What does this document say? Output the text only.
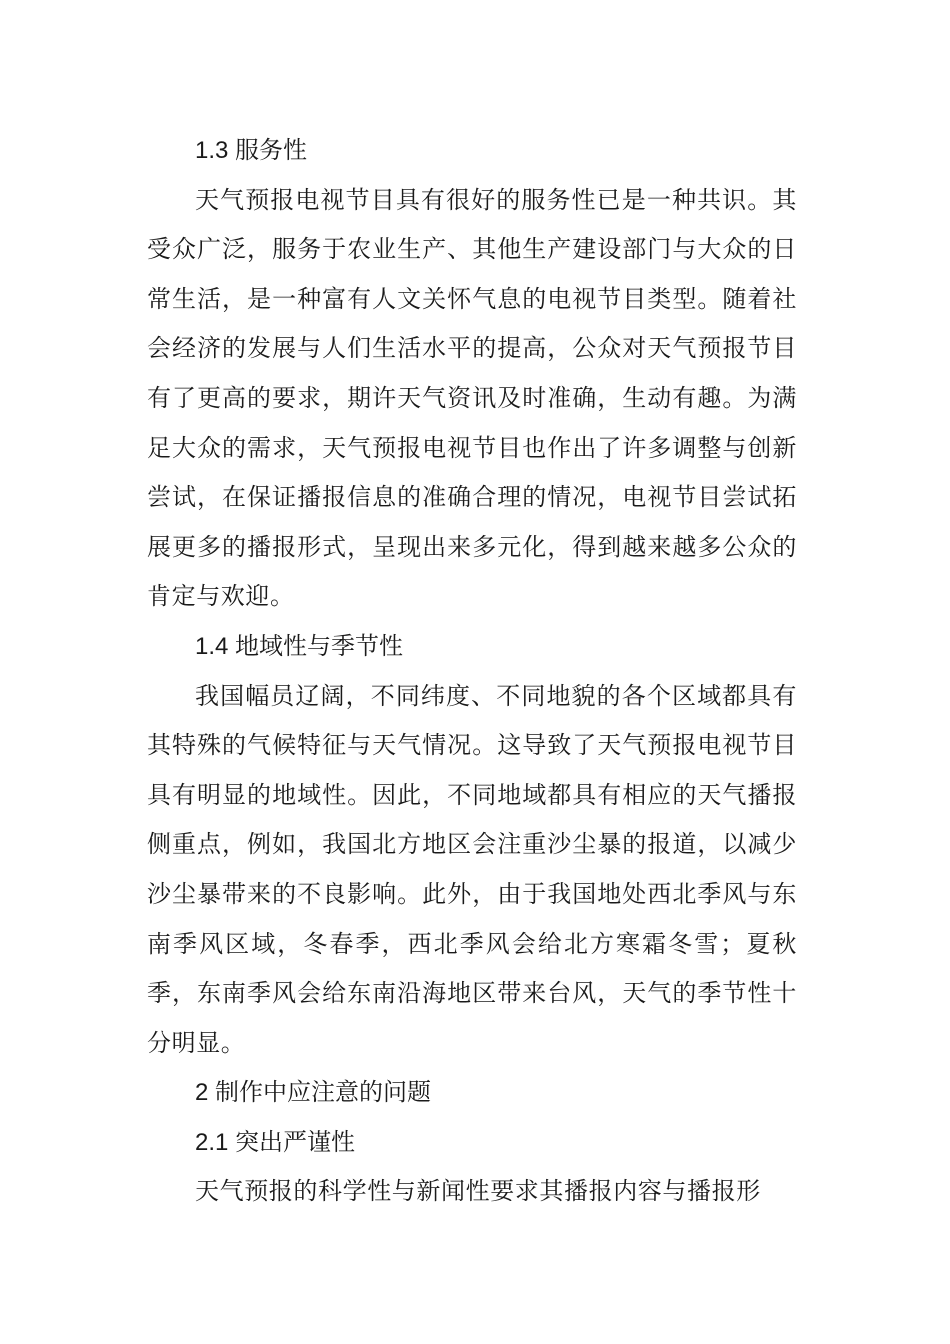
1.3 服务性

天气预报电视节目具有很好的服务性已是一种共识。其受众广泛，服务于农业生产、其他生产建设部门与大众的日常生活，是一种富有人文关怀气息的电视节目类型。随着社会经济的发展与人们生活水平的提高，公众对天气预报节目有了更高的要求，期许天气资讯及时准确，生动有趣。为满足大众的需求，天气预报电视节目也作出了许多调整与创新尝试，在保证播报信息的准确合理的情况，电视节目尝试拓展更多的播报形式，呈现出来多元化，得到越来越多公众的肯定与欢迎。

1.4 地域性与季节性

我国幅员辽阔，不同纬度、不同地貌的各个区域都具有其特殊的气候特征与天气情况。这导致了天气预报电视节目具有明显的地域性。因此，不同地域都具有相应的天气播报侧重点，例如，我国北方地区会注重沙尘暴的报道，以减少沙尘暴带来的不良影响。此外，由于我国地处西北季风与东南季风区域，冬春季，西北季风会给北方寒霜冬雪；夏秋季，东南季风会给东南沿海地区带来台风，天气的季节性十分明显。

2 制作中应注意的问题

2.1 突出严谨性

天气预报的科学性与新闻性要求其播报内容与播报形
